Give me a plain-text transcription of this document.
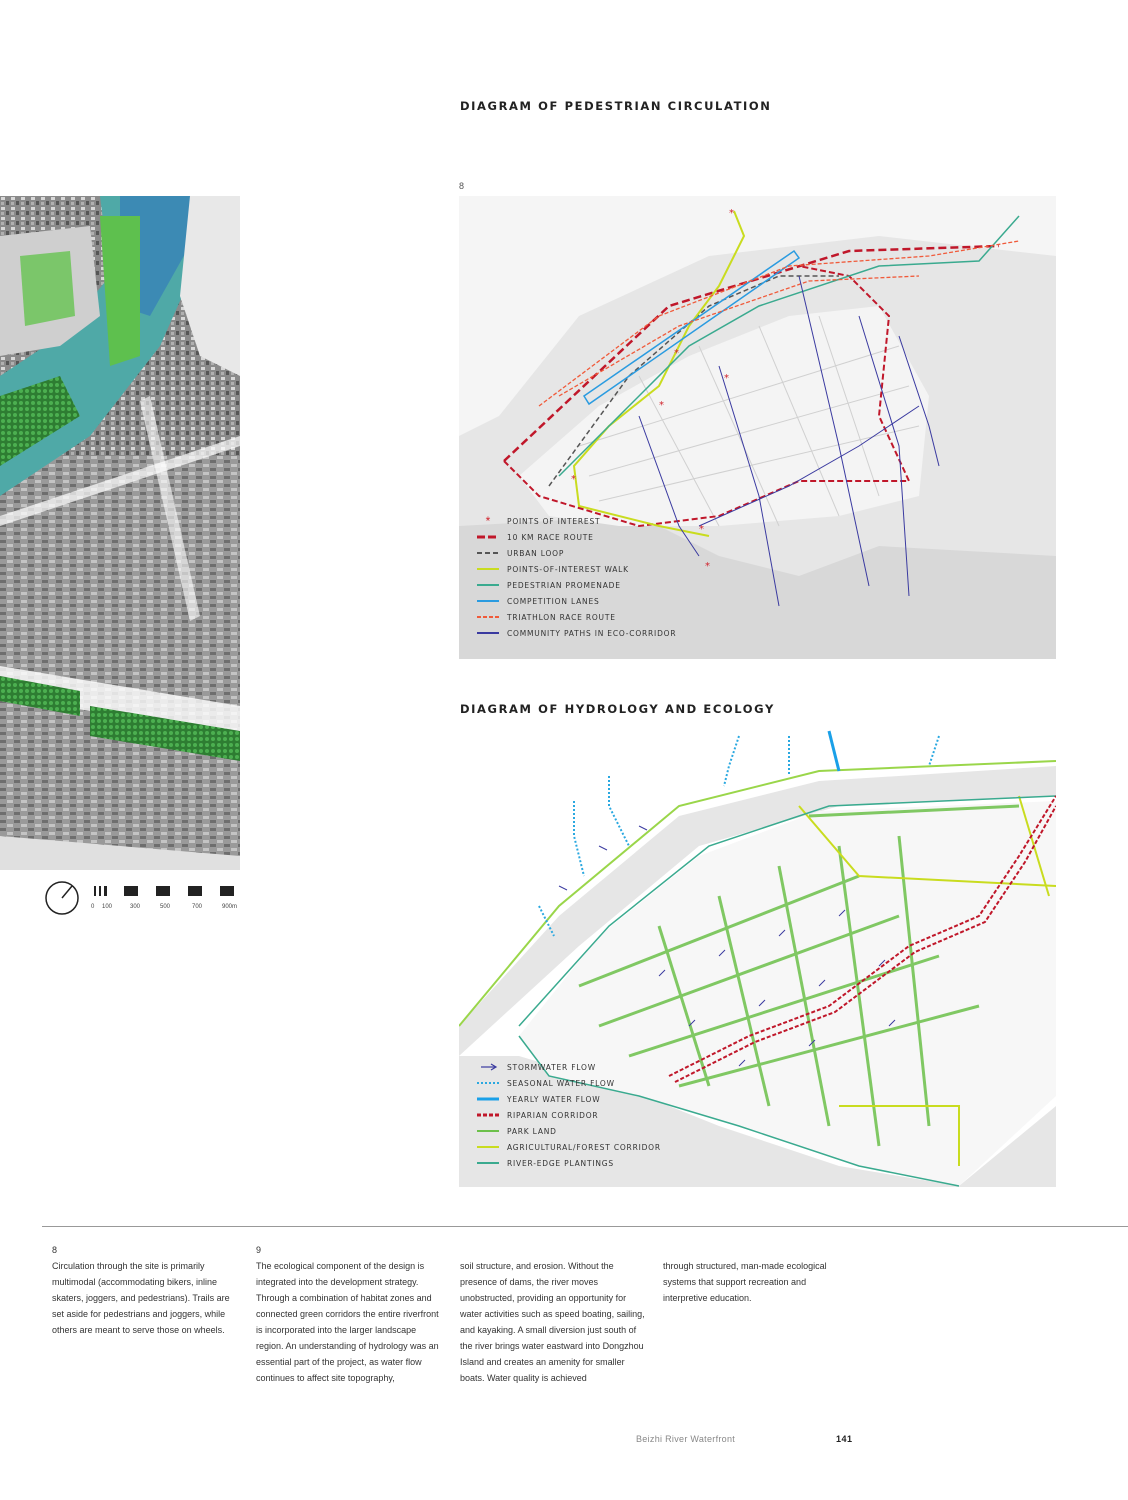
DIAGRAM OF PEDESTRIAN CIRCULATION
8
0 100	300	500	700	900m
*
*
*
*
*
*
*
* POINTS OF INTEREST
10 KM RACE ROUTE
URBAN LOOP
POINTS-OF-INTEREST WALK
PEDESTRIAN PROMENADE
COMPETITION LANES
TRIATHLON RACE ROUTE
COMMUNITY PATHS IN ECO-CORRIDOR
DIAGRAM OF HYDROLOGY AND ECOLOGY
STORMWATER FLOW
SEASONAL WATER FLOW
YEARLY WATER FLOW
RIPARIAN CORRIDOR
PARK LAND
AGRICULTURAL/FOREST CORRIDOR
RIVER-EDGE PLANTINGS
8
Circulation through the site is primarily multimodal (accommodating bikers, inline skaters, joggers, and pedestrians). Trails are set aside for pedestrians and joggers, while others are meant to serve those on wheels.
9
The ecological component of the design is integrated into the development strategy. Through a combination of habitat zones and connected green corridors the entire riverfront is incorporated into the larger landscape region. An understanding of hydrology was an essential part of the project, as water flow continues to affect site topography,
soil structure, and erosion. Without the presence of dams, the river moves unobstructed, providing an opportunity for water activities such as speed boating, sailing, and kayaking. A small diversion just south of the river brings water eastward into Dongzhou Island and creates an amenity for smaller boats. Water quality is achieved
through structured, man-made ecological systems that support recreation and interpretive education.
Beizhi River Waterfront	141
